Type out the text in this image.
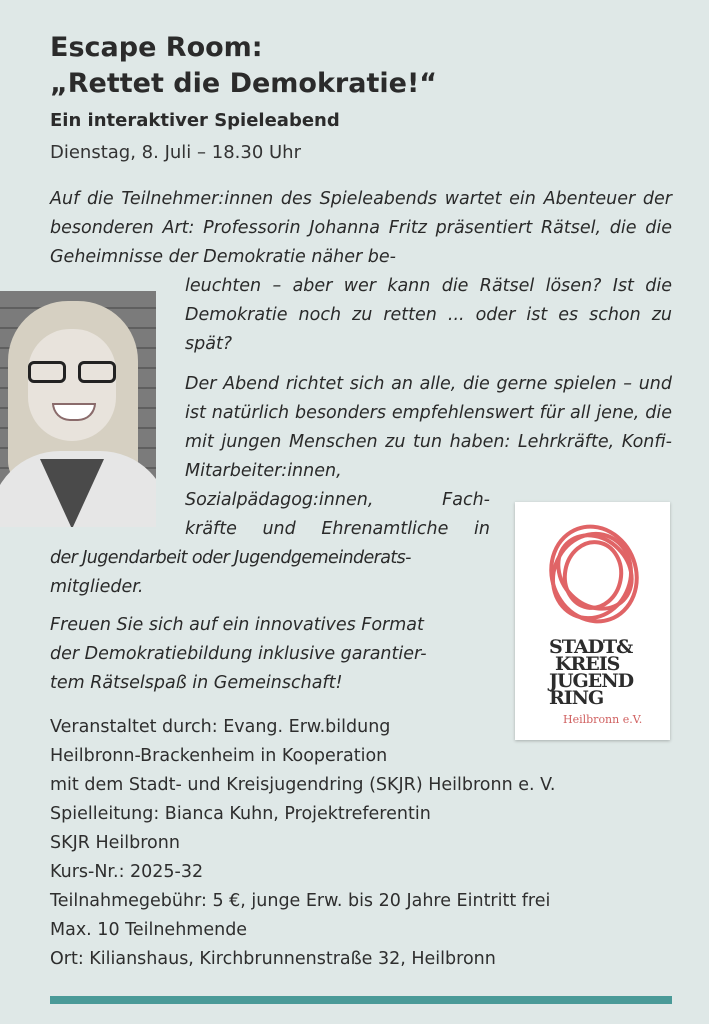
Escape Room:
„Rettet die Demokratie!“

Ein interaktiver Spieleabend

Dienstag, 8. Juli – 18.30 Uhr

Auf die Teilnehmer:innen des Spieleabends wartet ein Abenteuer der besonderen Art: Professorin Johanna Fritz präsentiert Rätsel, die die Geheimnisse der Demokratie näher be-

leuchten – aber wer kann die Rätsel lösen? Ist die Demokratie noch zu retten ... oder ist es schon zu spät?

Der Abend richtet sich an alle, die gerne spielen – und ist natürlich besonders empfehlenswert für all jene, die mit jungen Menschen zu tun haben: Lehrkräfte, Konfi-Mitarbeiter:innen,

Sozialpädagog:innen,	Fach-

kräfte und Ehrenamtliche in

der Jugendarbeit oder Jugendgemeinderats-

mitglieder.

Freuen Sie sich auf ein innovatives Format
der Demokratiebildung inklusive garantier-
tem Rätselspaß in Gemeinschaft!

STADT&
KREIS
JUGEND
RING
Heilbronn e.V.
Veranstaltet durch: Evang. Erw.bildung
Heilbronn-Brackenheim in Kooperation
mit dem Stadt- und Kreisjugendring (SKJR) Heilbronn e. V.
Spielleitung: Bianca Kuhn, Projektreferentin
SKJR Heilbronn
Kurs-Nr.: 2025-32
Teilnahmegebühr: 5 €, junge Erw. bis 20 Jahre Eintritt frei
Max. 10 Teilnehmende
Ort: Kilianshaus, Kirchbrunnenstraße 32, Heilbronn
